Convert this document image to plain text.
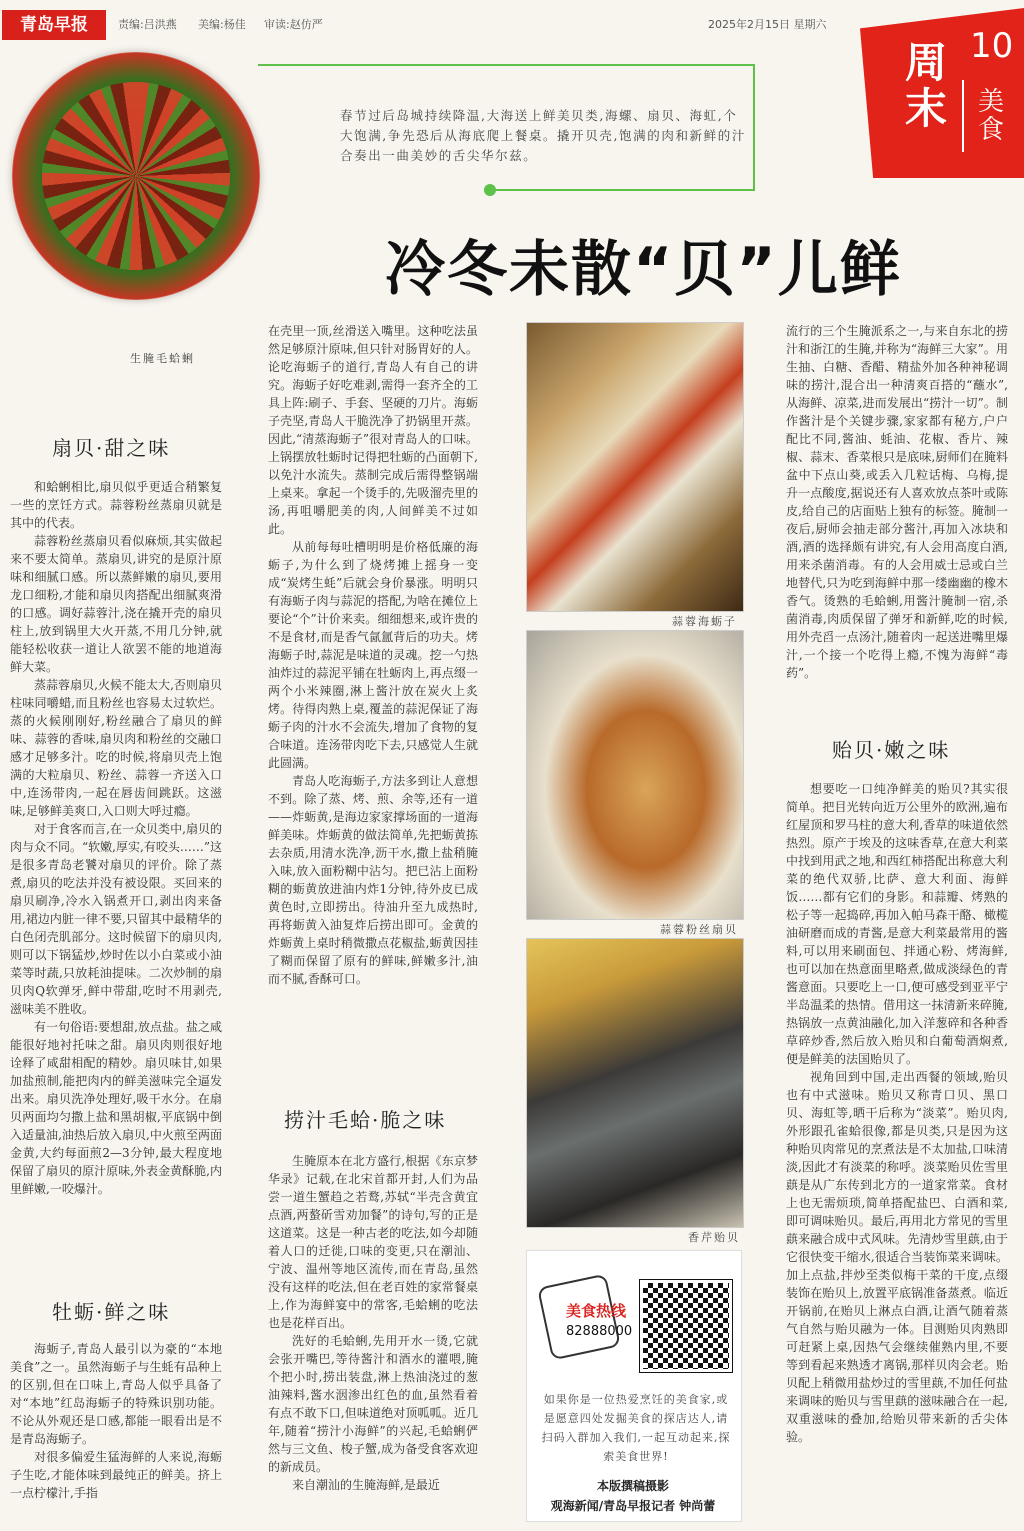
青岛早报	责编:吕洪燕 美编:杨佳 审读:赵仿严	2025年2月15日 星期六
周末
10
美食
生腌毛蛤蜊
春节过后岛城持续降温,大海送上鲜美贝类,海螺、扇贝、海虹,个大饱满,争先恐后从海底爬上餐桌。撬开贝壳,饱满的肉和新鲜的汁合奏出一曲美妙的舌尖华尔兹。
冷冬未散“贝”儿鲜
扇贝·甜之味

和蛤蜊相比,扇贝似乎更适合稍繁复一些的烹饪方式。蒜蓉粉丝蒸扇贝就是其中的代表。

蒜蓉粉丝蒸扇贝看似麻烦,其实做起来不要太简单。蒸扇贝,讲究的是原汁原味和细腻口感。所以蒸鲜嫩的扇贝,要用龙口细粉,才能和扇贝肉搭配出细腻爽滑的口感。调好蒜蓉汁,浇在撬开壳的扇贝柱上,放到锅里大火开蒸,不用几分钟,就能轻松收获一道让人欲罢不能的地道海鲜大菜。

蒸蒜蓉扇贝,火候不能太大,否则扇贝柱味同嚼蜡,而且粉丝也容易太过软烂。蒸的火候刚刚好,粉丝融合了扇贝的鲜味、蒜蓉的香味,扇贝肉和粉丝的交融口感才足够多汁。吃的时候,将扇贝壳上饱满的大粒扇贝、粉丝、蒜蓉一齐送入口中,连汤带肉,一起在唇齿间跳跃。这滋味,足够鲜美爽口,入口则大呼过瘾。

对于食客而言,在一众贝类中,扇贝的肉与众不同。“软嫩,厚实,有咬头……”这是很多青岛老饕对扇贝的评价。除了蒸煮,扇贝的吃法并没有被设限。买回来的扇贝刷净,冷水入锅煮开口,剥出肉来备用,裙边内脏一律不要,只留其中最精华的白色闭壳肌部分。这时候留下的扇贝肉,则可以下锅猛炒,炒时佐以小白菜或小油菜等时蔬,只放耗油提味。二次炒制的扇贝肉Q软弹牙,鲜中带甜,吃时不用剥壳,滋味美不胜收。

有一句俗语:要想甜,放点盐。盐之咸能很好地衬托味之甜。扇贝肉则很好地诠释了咸甜相配的精妙。扇贝味甘,如果加盐煎制,能把肉内的鲜美滋味完全逼发出来。扇贝洗净处理好,吸干水分。在扇贝两面均匀撒上盐和黑胡椒,平底锅中倒入适量油,油热后放入扇贝,中火煎至两面金黄,大约每面煎2—3分钟,最大程度地保留了扇贝的原汁原味,外表金黄酥脆,内里鲜嫩,一咬爆汁。

牡蛎·鲜之味

海蛎子,青岛人最引以为豪的“本地美食”之一。虽然海蛎子与生蚝有品种上的区别,但在口味上,青岛人似乎具备了对“本地”红岛海蛎子的特殊识别功能。不论从外观还是口感,都能一眼看出是不是青岛海蛎子。

对很多偏爱生猛海鲜的人来说,海蛎子生吃,才能体味到最纯正的鲜美。挤上一点柠檬汁,手指

在壳里一顶,丝滑送入嘴里。这种吃法虽然足够原汁原味,但只针对肠胃好的人。论吃海蛎子的道行,青岛人有自己的讲究。海蛎子好吃难剥,需得一套齐全的工具上阵:刷子、手套、坚硬的刀片。海蛎子壳坚,青岛人干脆洗净了扔锅里开蒸。因此,“清蒸海蛎子”很对青岛人的口味。上锅摆放牡蛎时记得把牡蛎的凸面朝下,以免汁水流失。蒸制完成后需得整锅端上桌来。拿起一个烫手的,先吸溜壳里的汤,再咀嚼肥美的肉,人间鲜美不过如此。

从前每每吐槽明明是价格低廉的海蛎子,为什么到了烧烤摊上摇身一变成“炭烤生蚝”后就会身价暴涨。明明只有海蛎子肉与蒜泥的搭配,为啥在摊位上要论“个”计价来卖。细细想来,或许贵的不是食材,而是香气氤氲背后的功夫。烤海蛎子时,蒜泥是味道的灵魂。挖一勺热油炸过的蒜泥平铺在牡蛎肉上,再点缀一两个小米辣圈,淋上酱汁放在炭火上炙烤。待得肉熟上桌,覆盖的蒜泥保证了海蛎子肉的汁水不会流失,增加了食物的复合味道。连汤带肉吃下去,只感觉人生就此圆满。

青岛人吃海蛎子,方法多到让人意想不到。除了蒸、烤、煎、余等,还有一道——炸蛎黄,是海边家家撑场面的一道海鲜美味。炸蛎黄的做法简单,先把蛎黄拣去杂质,用清水洗净,沥干水,撒上盐稍腌入味,放入面粉糊中沾匀。把已沾上面粉糊的蛎黄放进油内炸1分钟,待外皮已成黄色时,立即捞出。待油升至九成热时,再将蛎黄入油复炸后捞出即可。金黄的炸蛎黄上桌时稍微撒点花椒盐,蛎黄因挂了糊而保留了原有的鲜味,鲜嫩多汁,油而不腻,香酥可口。

捞汁毛蛤·脆之味

生腌原本在北方盛行,根据《东京梦华录》记载,在北宋首都开封,人们为品尝一道生蟹趋之若鹜,苏轼“半壳含黄宜点酒,两螯斫雪劝加餐”的诗句,写的正是这道菜。这是一种古老的吃法,如今却随着人口的迁徙,口味的变更,只在潮汕、宁波、温州等地区流传,而在青岛,虽然没有这样的吃法,但在老百姓的家常餐桌上,作为海鲜宴中的常客,毛蛤蜊的吃法也是花样百出。

洗好的毛蛤蜊,先用开水一烫,它就会张开嘴巴,等待酱汁和酒水的灌喂,腌个把小时,捞出装盘,淋上热油浇过的葱油辣料,酱水洇渗出红色的血,虽然看着有点不敢下口,但味道绝对顶呱呱。近几年,随着“捞汁小海鲜”的兴起,毛蛤蜊俨然与三文鱼、梭子蟹,成为备受食客欢迎的新成员。

来自潮汕的生腌海鲜,是最近

蒜蓉海蛎子
蒜蓉粉丝扇贝
香芹贻贝
美食热线
82888000
如果你是一位热爱烹饪的美食家,或是愿意四处发掘美食的探店达人,请扫码入群加入我们,一起互动起来,探索美食世界!
本版撰稿摄影
观海新闻/青岛早报记者 钟尚蕾

流行的三个生腌派系之一,与来自东北的捞汁和浙江的生腌,并称为“海鲜三大家”。用生抽、白糖、香醋、精盐外加各种神秘调味的捞汁,混合出一种清爽百搭的“蘸水”,从海鲜、凉菜,进而发展出“捞汁一切”。制作酱汁是个关键步骤,家家都有秘方,户户配比不同,酱油、蚝油、花椒、香片、辣椒、蒜末、香菜根只是底味,厨师们在腌料盆中下点山葵,或丢入几粒话梅、乌梅,提升一点酸度,据说还有人喜欢放点茶叶或陈皮,给自己的店面贴上独有的标签。腌制一夜后,厨师会抽走部分酱汁,再加入冰块和酒,酒的选择颇有讲究,有人会用高度白酒,用来杀菌消毒。有的人会用威士忌或白兰地替代,只为吃到海鲜中那一缕幽幽的橡木香气。烫熟的毛蛤蜊,用酱汁腌制一宿,杀菌消毒,肉质保留了弹牙和新鲜,吃的时候,用外壳舀一点汤汁,随着肉一起送进嘴里爆汁,一个接一个吃得上瘾,不愧为海鲜“毒药”。

贻贝·嫩之味

想要吃一口纯净鲜美的贻贝?其实很简单。把目光转向近万公里外的欧洲,遍布红屋顶和罗马柱的意大利,香草的味道依然热烈。原产于埃及的这味香草,在意大利菜中找到用武之地,和西红柿搭配出称意大利菜的绝代双骄,比萨、意大利面、海鲜饭……都有它们的身影。和蒜瓣、烤熟的松子等一起捣碎,再加入帕马森干酪、橄榄油研磨而成的青酱,是意大利菜最常用的酱料,可以用来刷面包、拌通心粉、烤海鲜,也可以加在热意面里略煮,做成淡绿色的青酱意面。只要吃上一口,便可感受到亚平宁半岛温柔的热情。借用这一抹清新来碎腌,热锅放一点黄油融化,加入洋葱碎和各种香草碎炒香,然后放入贻贝和白葡萄酒焖煮,便是鲜美的法国贻贝了。

视角回到中国,走出西餐的领域,贻贝也有中式滋味。贻贝又称青口贝、黑口贝、海虹等,晒干后称为“淡菜”。贻贝肉,外形跟孔雀蛤很像,都是贝类,只是因为这种贻贝肉常见的烹煮法是不太加盐,口味清淡,因此才有淡菜的称呼。淡菜贻贝佐雪里蕻是从广东传到北方的一道家常菜。食材上也无需烦琐,简单搭配盐巴、白酒和菜,即可调味贻贝。最后,再用北方常见的雪里蕻来融合成中式风味。先清炒雪里蕻,由于它很快变干缩水,很适合当装饰菜来调味。加上点盐,拌炒至类似梅干菜的干度,点缀装饰在贻贝上,放置平底锅准备蒸煮。临近开锅前,在贻贝上淋点白酒,让酒气随着蒸气自然与贻贝融为一体。目测贻贝肉熟即可赶紧上桌,因热气会继续催熟内里,不要等到看起来熟透才离锅,那样贝肉会老。贻贝配上稍微用盐炒过的雪里蕻,不加任何盐来调味的贻贝与雪里蕻的滋味融合在一起,双重滋味的叠加,给贻贝带来新的舌尖体验。
